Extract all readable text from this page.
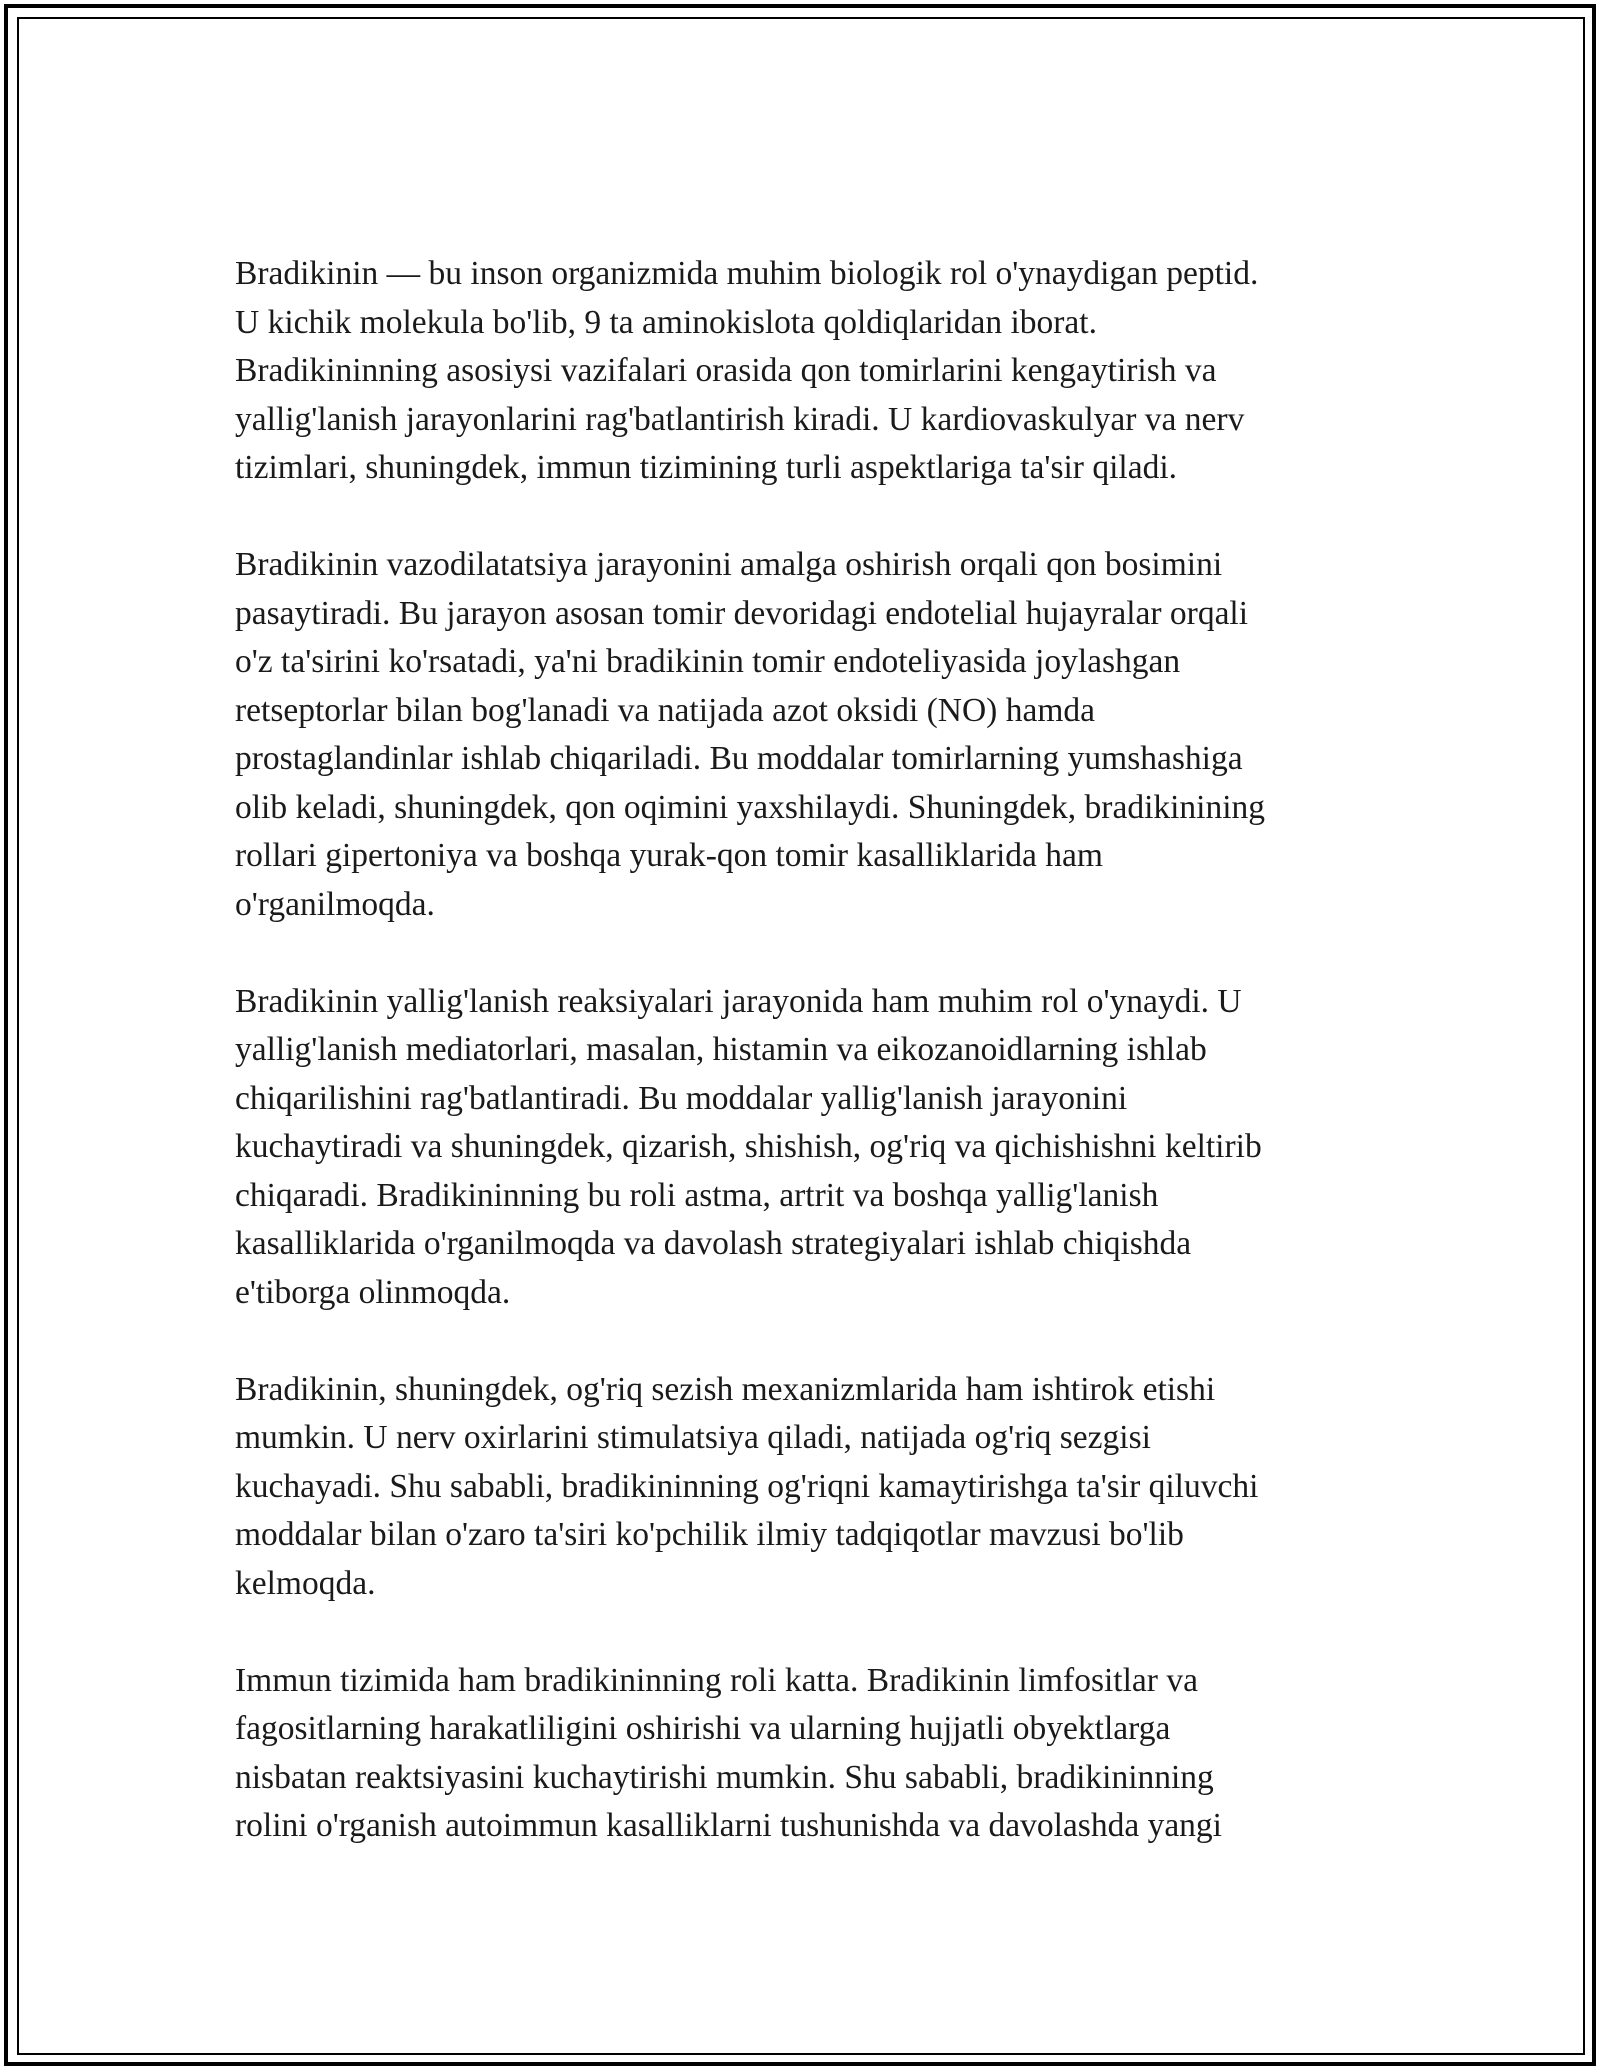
Bradikinin — bu inson organizmida muhim biologik rol o'ynaydigan peptid.
U kichik molekula bo'lib, 9 ta aminokislota qoldiqlaridan iborat.
Bradikininning asosiysi vazifalari orasida qon tomirlarini kengaytirish va
yallig'lanish jarayonlarini rag'batlantirish kiradi. U kardiovaskulyar va nerv
tizimlari, shuningdek, immun tizimining turli aspektlariga ta'sir qiladi.

Bradikinin vazodilatatsiya jarayonini amalga oshirish orqali qon bosimini
pasaytiradi. Bu jarayon asosan tomir devoridagi endotelial hujayralar orqali
o'z ta'sirini ko'rsatadi, ya'ni bradikinin tomir endoteliyasida joylashgan
retseptorlar bilan bog'lanadi va natijada azot oksidi (NO) hamda
prostaglandinlar ishlab chiqariladi. Bu moddalar tomirlarning yumshashiga
olib keladi, shuningdek, qon oqimini yaxshilaydi. Shuningdek, bradikinining
rollari gipertoniya va boshqa yurak-qon tomir kasalliklarida ham
o'rganilmoqda.

Bradikinin yallig'lanish reaksiyalari jarayonida ham muhim rol o'ynaydi. U
yallig'lanish mediatorlari, masalan, histamin va eikozanoidlarning ishlab
chiqarilishini rag'batlantiradi. Bu moddalar yallig'lanish jarayonini
kuchaytiradi va shuningdek, qizarish, shishish, og'riq va qichishishni keltirib
chiqaradi. Bradikininning bu roli astma, artrit va boshqa yallig'lanish
kasalliklarida o'rganilmoqda va davolash strategiyalari ishlab chiqishda
e'tiborga olinmoqda.

Bradikinin, shuningdek, og'riq sezish mexanizmlarida ham ishtirok etishi
mumkin. U nerv oxirlarini stimulatsiya qiladi, natijada og'riq sezgisi
kuchayadi. Shu sababli, bradikininning og'riqni kamaytirishga ta'sir qiluvchi
moddalar bilan o'zaro ta'siri ko'pchilik ilmiy tadqiqotlar mavzusi bo'lib
kelmoqda.

Immun tizimida ham bradikininning roli katta. Bradikinin limfositlar va
fagositlarning harakatliligini oshirishi va ularning hujjatli obyektlarga
nisbatan reaktsiyasini kuchaytirishi mumkin. Shu sababli, bradikininning
rolini o'rganish autoimmun kasalliklarni tushunishda va davolashda yangi
